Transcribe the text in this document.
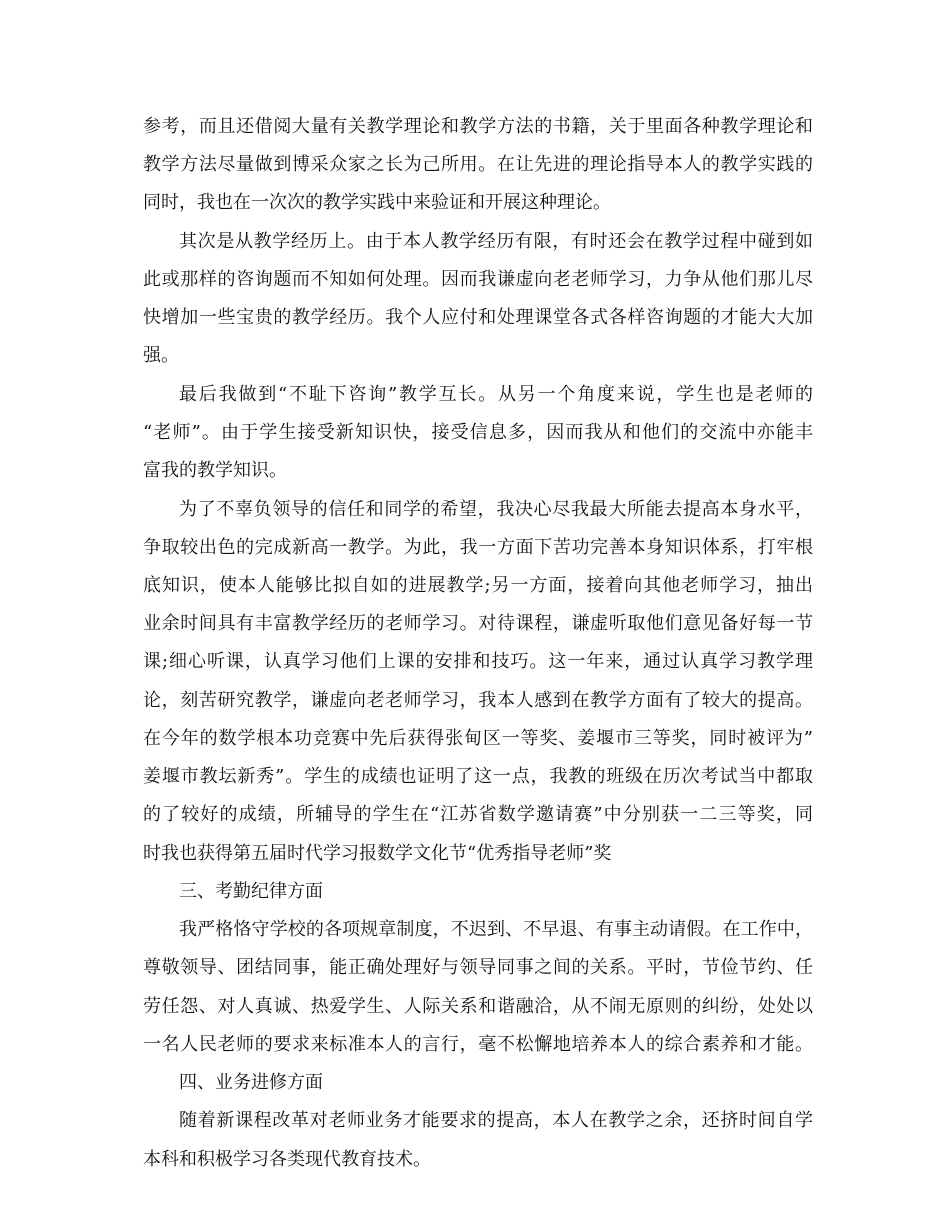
参考，而且还借阅大量有关教学理论和教学方法的书籍，关于里面各种教学理论和
教学方法尽量做到博采众家之长为己所用。在让先进的理论指导本人的教学实践的
同时，我也在一次次的教学实践中来验证和开展这种理论。
其次是从教学经历上。由于本人教学经历有限，有时还会在教学过程中碰到如
此或那样的咨询题而不知如何处理。因而我谦虚向老老师学习，力争从他们那儿尽
快增加一些宝贵的教学经历。我个人应付和处理课堂各式各样咨询题的才能大大加
强。
最后我做到“不耻下咨询”教学互长。从另一个角度来说，学生也是老师的
“老师”。由于学生接受新知识快，接受信息多，因而我从和他们的交流中亦能丰
富我的教学知识。
为了不辜负领导的信任和同学的希望，我决心尽我最大所能去提高本身水平，
争取较出色的完成新高一教学。为此，我一方面下苦功完善本身知识体系，打牢根
底知识，使本人能够比拟自如的进展教学;另一方面，接着向其他老师学习，抽出
业余时间具有丰富教学经历的老师学习。对待课程，谦虚听取他们意见备好每一节
课;细心听课，认真学习他们上课的安排和技巧。这一年来，通过认真学习教学理
论，刻苦研究教学，谦虚向老老师学习，我本人感到在教学方面有了较大的提高。
在今年的数学根本功竞赛中先后获得张甸区一等奖、姜堰市三等奖，同时被评为”
姜堰市教坛新秀”。学生的成绩也证明了这一点，我教的班级在历次考试当中都取
的了较好的成绩，所辅导的学生在“江苏省数学邀请赛”中分别获一二三等奖，同
时我也获得第五届时代学习报数学文化节“优秀指导老师”奖
三、考勤纪律方面
我严格恪守学校的各项规章制度，不迟到、不早退、有事主动请假。在工作中，
尊敬领导、团结同事，能正确处理好与领导同事之间的关系。平时，节俭节约、任
劳任怨、对人真诚、热爱学生、人际关系和谐融洽，从不闹无原则的纠纷，处处以
一名人民老师的要求来标准本人的言行，毫不松懈地培养本人的综合素养和才能。
四、业务进修方面
随着新课程改革对老师业务才能要求的提高，本人在教学之余，还挤时间自学
本科和积极学习各类现代教育技术。
